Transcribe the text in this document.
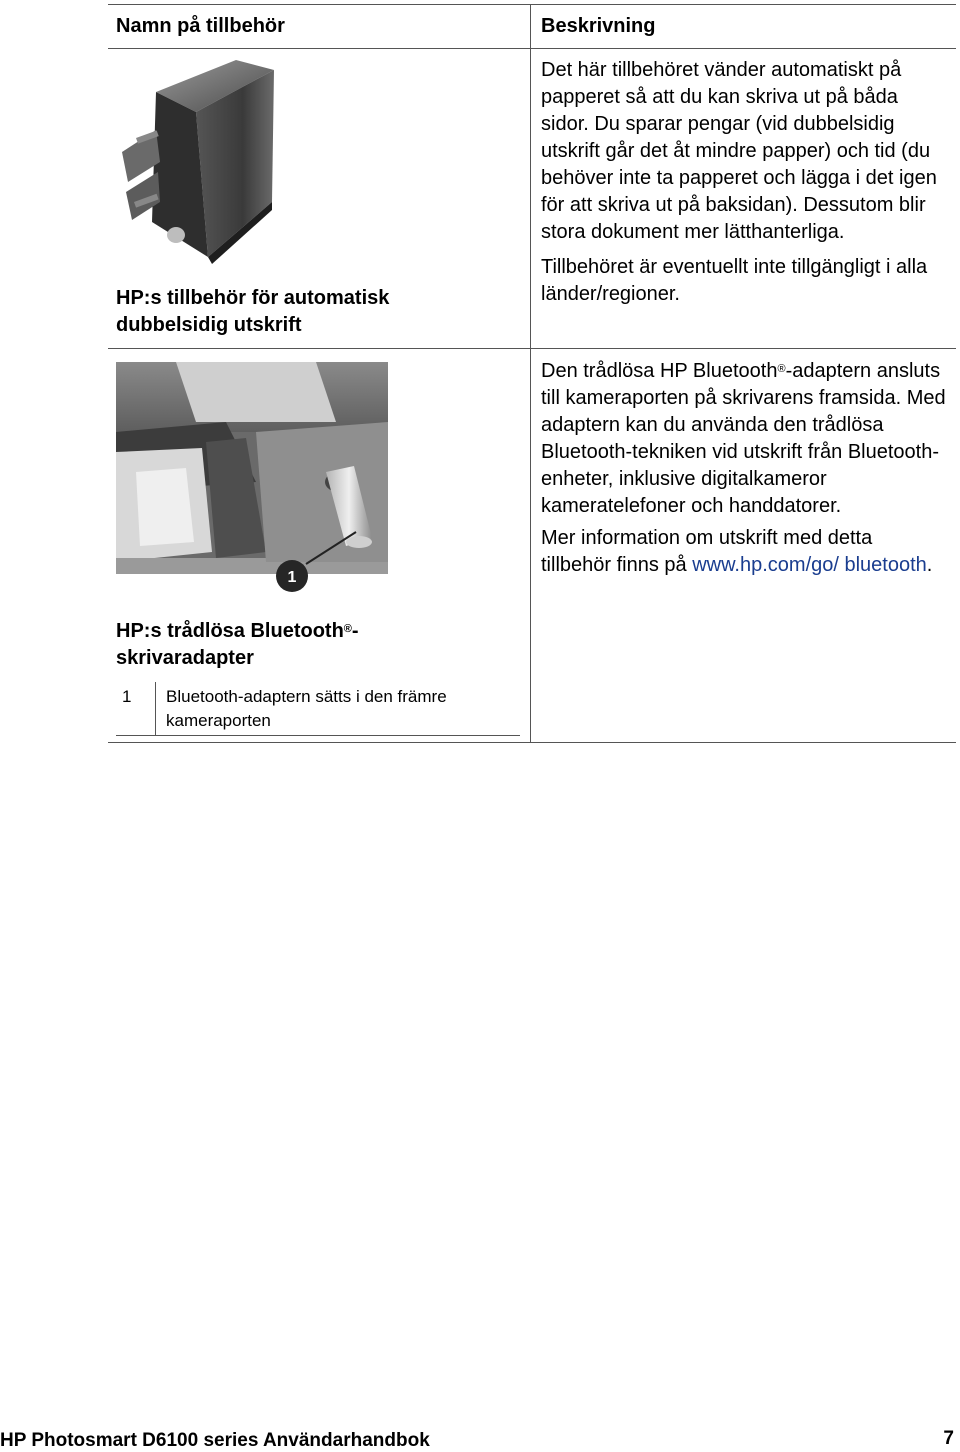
Namn på tillbehör	Beskrivning
HP:s tillbehör för automatisk dubbelsidig utskrift

Det här tillbehöret vänder automatiskt på papperet så att du kan skriva ut på båda sidor. Du sparar pengar (vid dubbelsidig utskrift går det åt mindre papper) och tid (du behöver inte ta papperet och lägga i det igen för att skriva ut på baksidan). Dessutom blir stora dokument mer lätthanterliga.

Tillbehöret är eventuellt inte tillgängligt i alla länder/regioner.

1
HP:s trådlösa Bluetooth®-
skrivaradapter
1 Bluetooth-adaptern sätts i den främre kameraporten

Den trådlösa HP Bluetooth®-adaptern ansluts till kameraporten på skrivarens framsida. Med adaptern kan du använda den trådlösa Bluetooth-tekniken vid utskrift från Bluetooth-enheter, inklusive digitalkameror kameratelefoner och handdatorer.

Mer information om utskrift med detta tillbehör finns på www.hp.com/go/ bluetooth.

HP Photosmart D6100 series Användarhandbok	7
